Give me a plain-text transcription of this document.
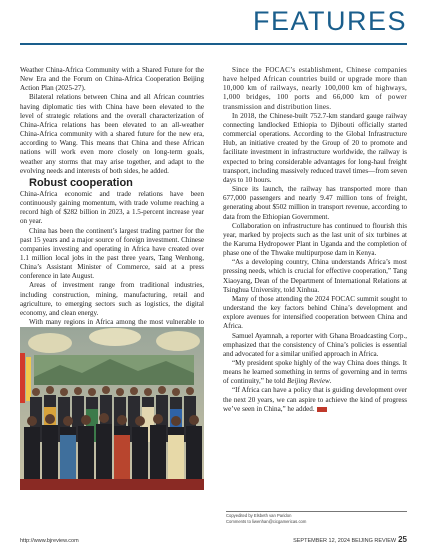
FEATURES

Weather China-Africa Community with a Shared Future for the New Era and the Forum on China-Africa Cooperation Beijing Action Plan (2025-27).

Bilateral relations between China and all African countries having diplomatic ties with China have been elevated to the level of strategic relations and the overall characterization of China-Africa relations has been elevated to an all-weather China-Africa community with a shared future for the new era, according to Wang. This means that China and these African nations will work even more closely on long-term goals, weather any storms that may arise together, and adapt to the evolving needs and interests of both sides, he added.

Robust cooperation

China-Africa economic and trade relations have been continuously gaining momentum, with trade volume reaching a record high of $282 billion in 2023, a 1.5-percent increase year on year.

China has been the continent’s largest trading partner for the past 15 years and a major source of foreign investment. Chinese companies investing and operating in Africa have created over 1.1 million local jobs in the past three years, Tang Wenhong, China’s Assistant Minister of Commerce, said at a press conference in late August.

Areas of investment range from traditional industries, including construction, mining, manufacturing, retail and agriculture, to emerging sectors such as logistics, the digital economy, and clean energy.

With many regions in Africa among the most vulnerable to

Since the FOCAC’s establishment, Chinese companies have helped African countries build or upgrade more than 10,000 km of railways, nearly 100,000 km of highways, 1,000 bridges, 100 ports and 66,000 km of power transmission and distribution lines.

In 2018, the Chinese-built 752.7-km standard gauge railway connecting landlocked Ethiopia to Djibouti officially started commercial operations. According to the Global Infrastructure Hub, an initiative created by the Group of 20 to promote and facilitate investment in infrastructure worldwide, the railway is expected to bring considerable advantages for long-haul freight transport, including massively reduced travel times—from seven days to 10 hours.

Since its launch, the railway has transported more than 677,000 passengers and nearly 9.47 million tons of freight, generating about $502 million in transport revenue, according to data from the Ethiopian Government.

Collaboration on infrastructure has continued to flourish this year, marked by projects such as the last unit of six turbines at the Karuma Hydropower Plant in Uganda and the completion of phase one of the Thwake multipurpose dam in Kenya.

“As a developing country, China understands Africa’s most pressing needs, which is crucial for effective cooperation,” Tang Xiaoyang, Dean of the Department of International Relations at Tsinghua University, told Xinhua.

Many of those attending the 2024 FOCAC summit sought to understand the key factors behind China’s development and explore avenues for intensified cooperation between China and Africa.

Samuel Ayamnah, a reporter with Ghana Broadcasting Corp., emphasized that the consistency of China’s policies is essential and advocated for a similar unified approach in Africa.

“My president spoke highly of the way China does things. It means he learned something in terms of governing and in terms of continuity,” he told Beijing Review.

“If Africa can have a policy that is guiding development over the next 20 years, we can aspire to achieve the kind of progress we’ve seen in China,” he added.

Copyedited by Elsbeth van Paridon
Comments to liwenhan@cicgamericas.com
http://www.bjreview.com	SEPTEMBER 12, 2024 BEIJING REVIEW 25
